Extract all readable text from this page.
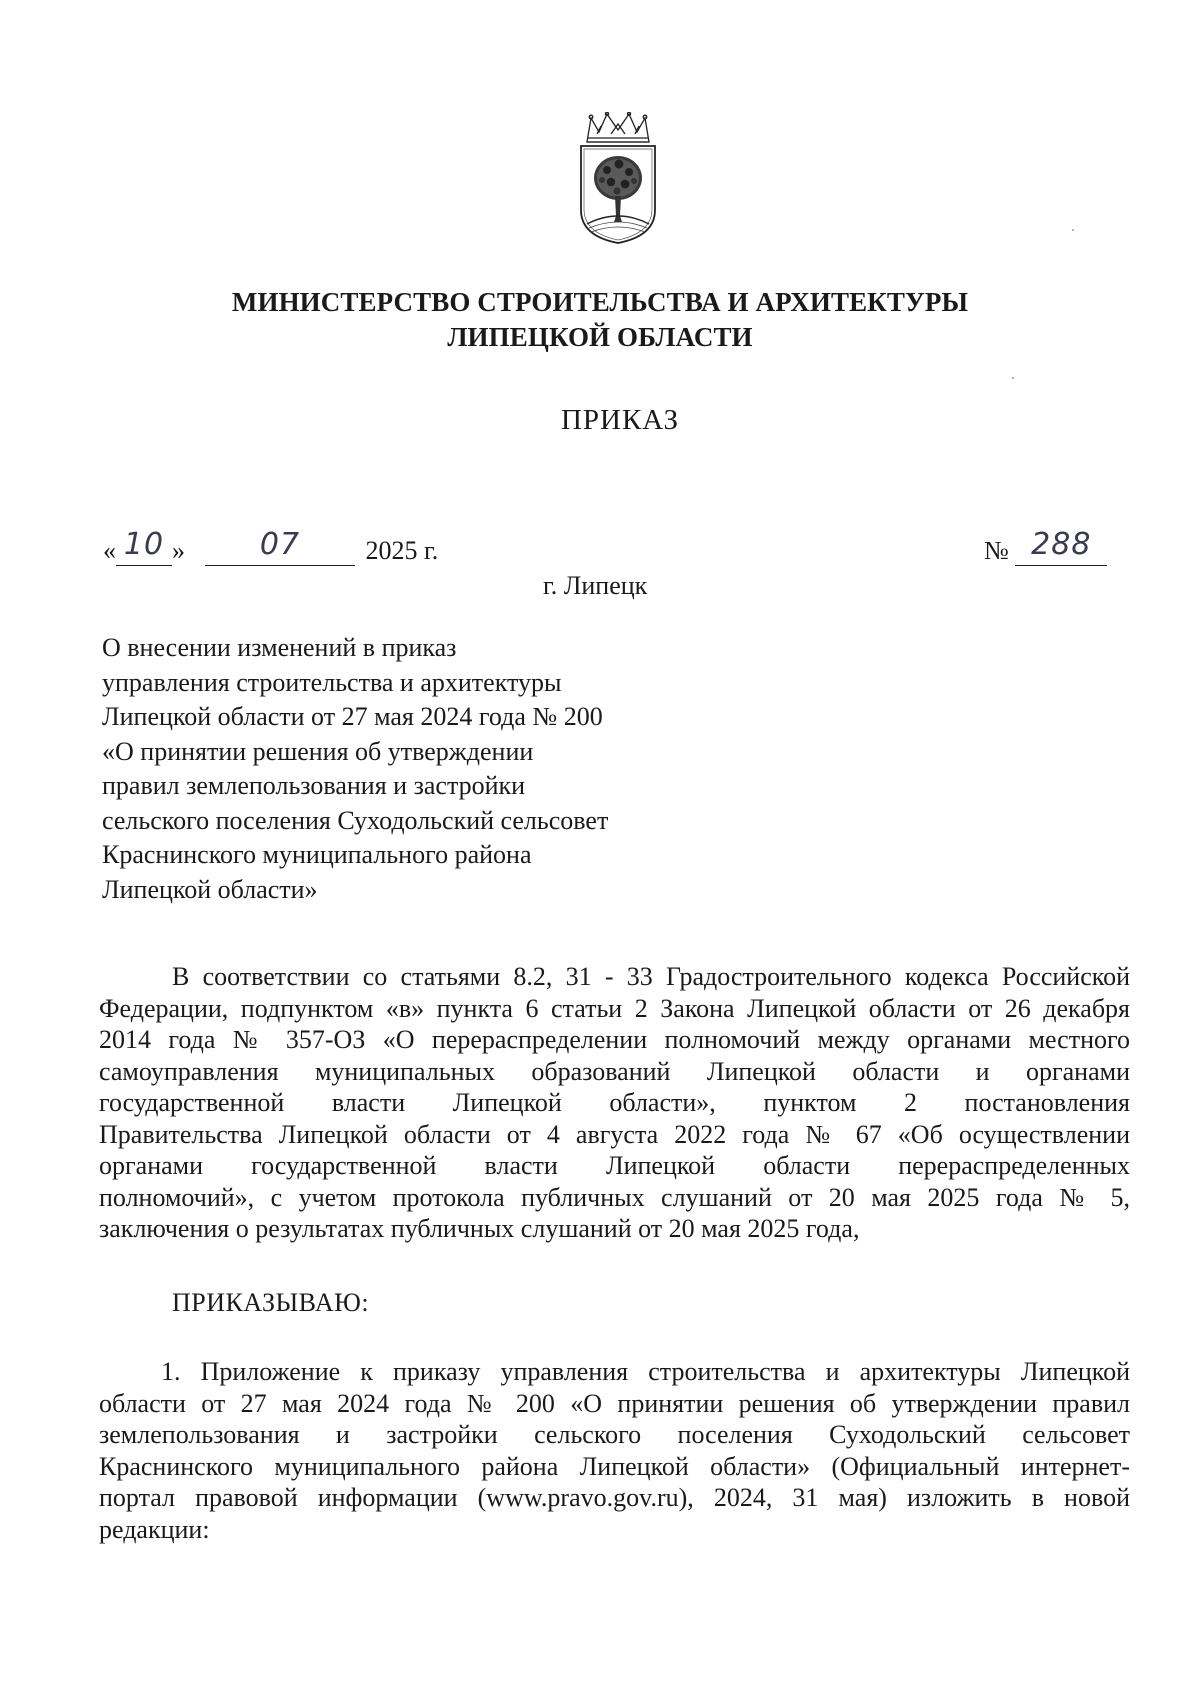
МИНИСТЕРСТВО СТРОИТЕЛЬСТВА И АРХИТЕКТУРЫ
ЛИПЕЦКОЙ ОБЛАСТИ
ПРИКАЗ
« 10 » 07	2025 г.	№ 288
г. Липецк
О внесении изменений в приказ
управления строительства и архитектуры
Липецкой области от 27 мая 2024 года № 200
«О принятии решения об утверждении
правил землепользования и застройки
сельского поселения Суходольский сельсовет
Краснинского муниципального района
Липецкой области»
В соответствии со статьями 8.2, 31 - 33 Градостроительного кодекса Российской
Федерации, подпунктом «в» пункта 6 статьи 2 Закона Липецкой области от 26 декабря
2014 года № 357-ОЗ «О перераспределении полномочий между органами местного
самоуправления муниципальных образований Липецкой области и органами
государственной власти Липецкой области», пунктом 2 постановления
Правительства Липецкой области от 4 августа 2022 года № 67 «Об осуществлении
органами государственной власти Липецкой области перераспределенных
полномочий», с учетом протокола публичных слушаний от 20 мая 2025 года № 5,
заключения о результатах публичных слушаний от 20 мая 2025 года,
ПРИКАЗЫВАЮ:
1. Приложение к приказу управления строительства и архитектуры Липецкой
области от 27 мая 2024 года № 200 «О принятии решения об утверждении правил
землепользования и застройки сельского поселения Суходольский сельсовет
Краснинского муниципального района Липецкой области» (Официальный интернет-
портал правовой информации (www.pravo.gov.ru), 2024, 31 мая) изложить в новой
редакции:
